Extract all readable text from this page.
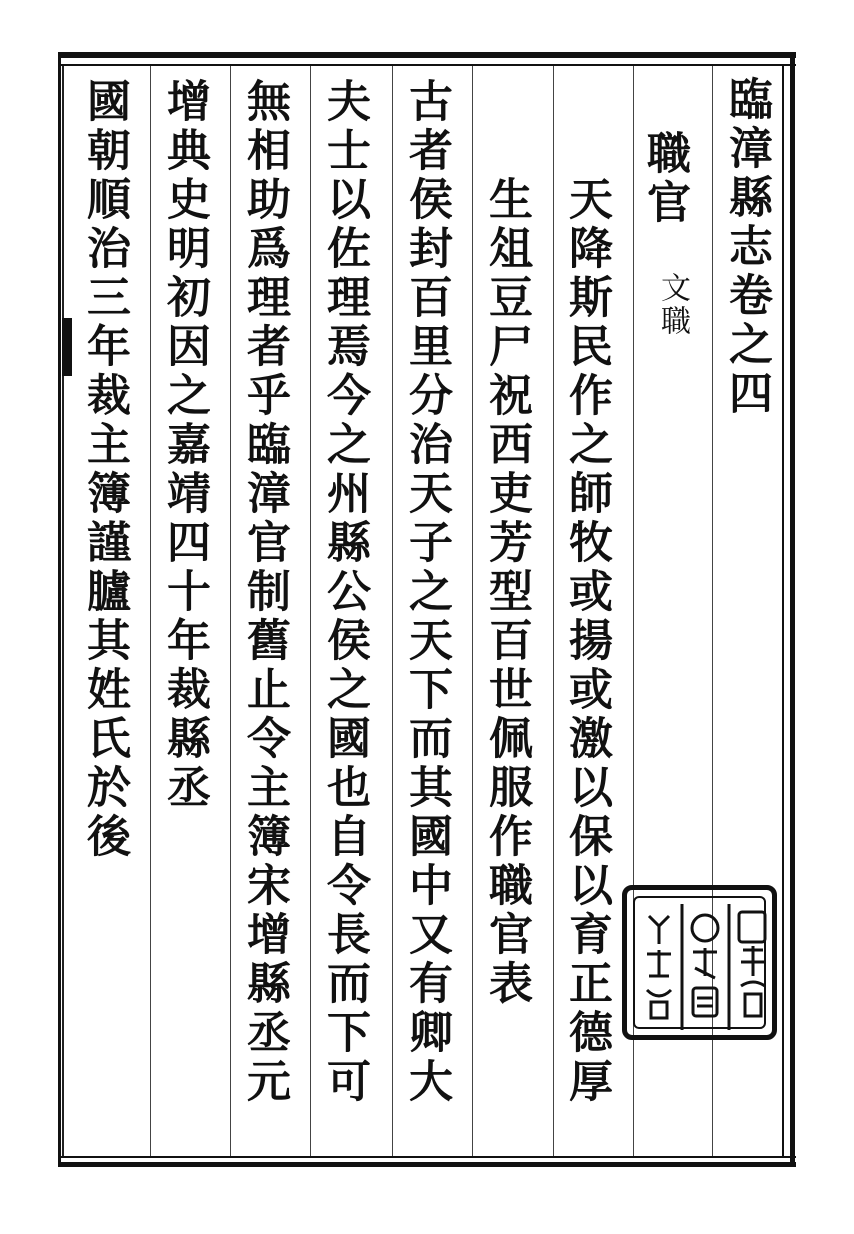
臨漳縣志卷之四
職官
文職
天降斯民作之師牧或揚或激以保以育正德厚
生俎豆尸祝西吏芳型百世佩服作職官表
古者侯封百里分治天子之天下而其國中又有卿大
夫士以佐理焉今之州縣公侯之國也自令長而下可
無相助爲理者乎臨漳官制舊止令主簿宋增縣丞元
增典史明初因之嘉靖四十年裁縣丞
國朝順治三年裁主簿謹臚其姓氏於後
